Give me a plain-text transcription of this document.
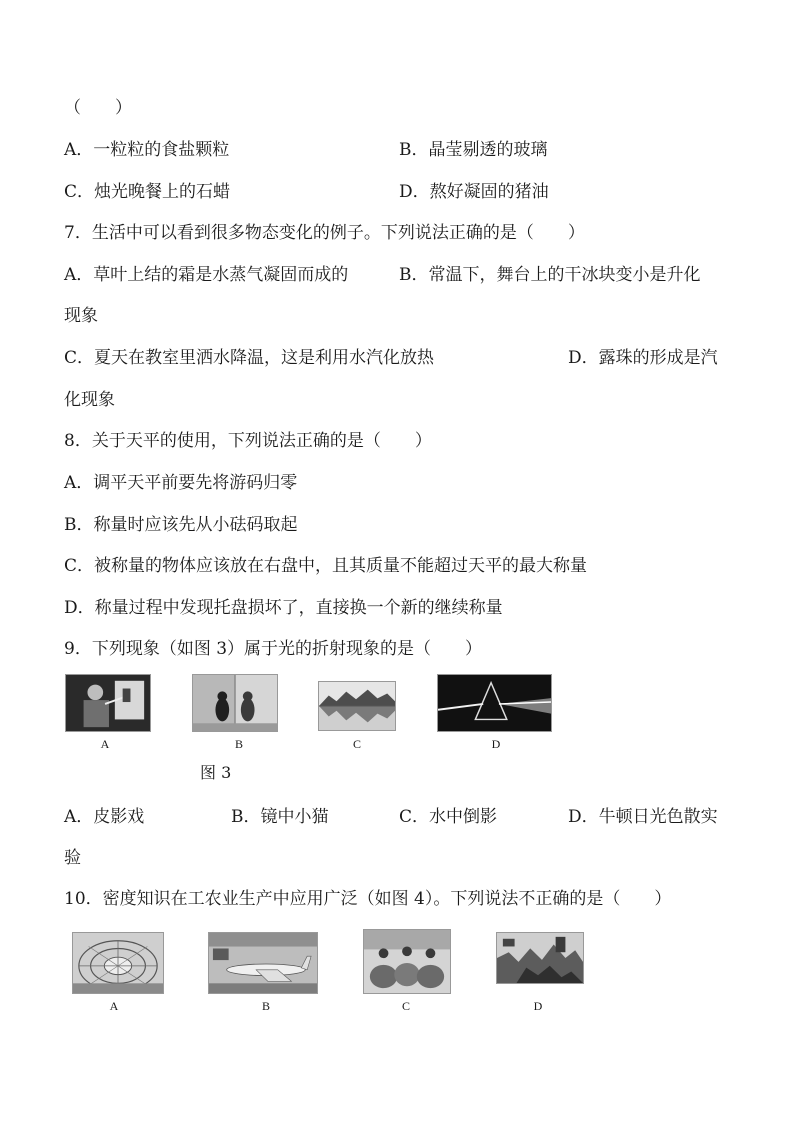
（　　）
A．一粒粒的食盐颗粒	B．晶莹剔透的玻璃
C．烛光晚餐上的石蜡	D．熬好凝固的猪油
7．生活中可以看到很多物态变化的例子。下列说法正确的是（　　）
A．草叶上结的霜是水蒸气凝固而成的	B．常温下，舞台上的干冰块变小是升化
现象
C．夏天在教室里洒水降温，这是利用水汽化放热	D．露珠的形成是汽
化现象
8．关于天平的使用，下列说法正确的是（　　）
A．调平天平前要先将游码归零
B．称量时应该先从小砝码取起
C．被称量的物体应该放在右盘中，且其质量不能超过天平的最大称量
D．称量过程中发现托盘损坏了，直接换一个新的继续称量
9．下列现象（如图 3）属于光的折射现象的是（　　）
A	B	C	D
图 3
A．皮影戏	B．镜中小猫	C．水中倒影	D．牛顿日光色散实
验
10．密度知识在工农业生产中应用广泛（如图 4）。下列说法不正确的是（　　）
A	B	C	D
